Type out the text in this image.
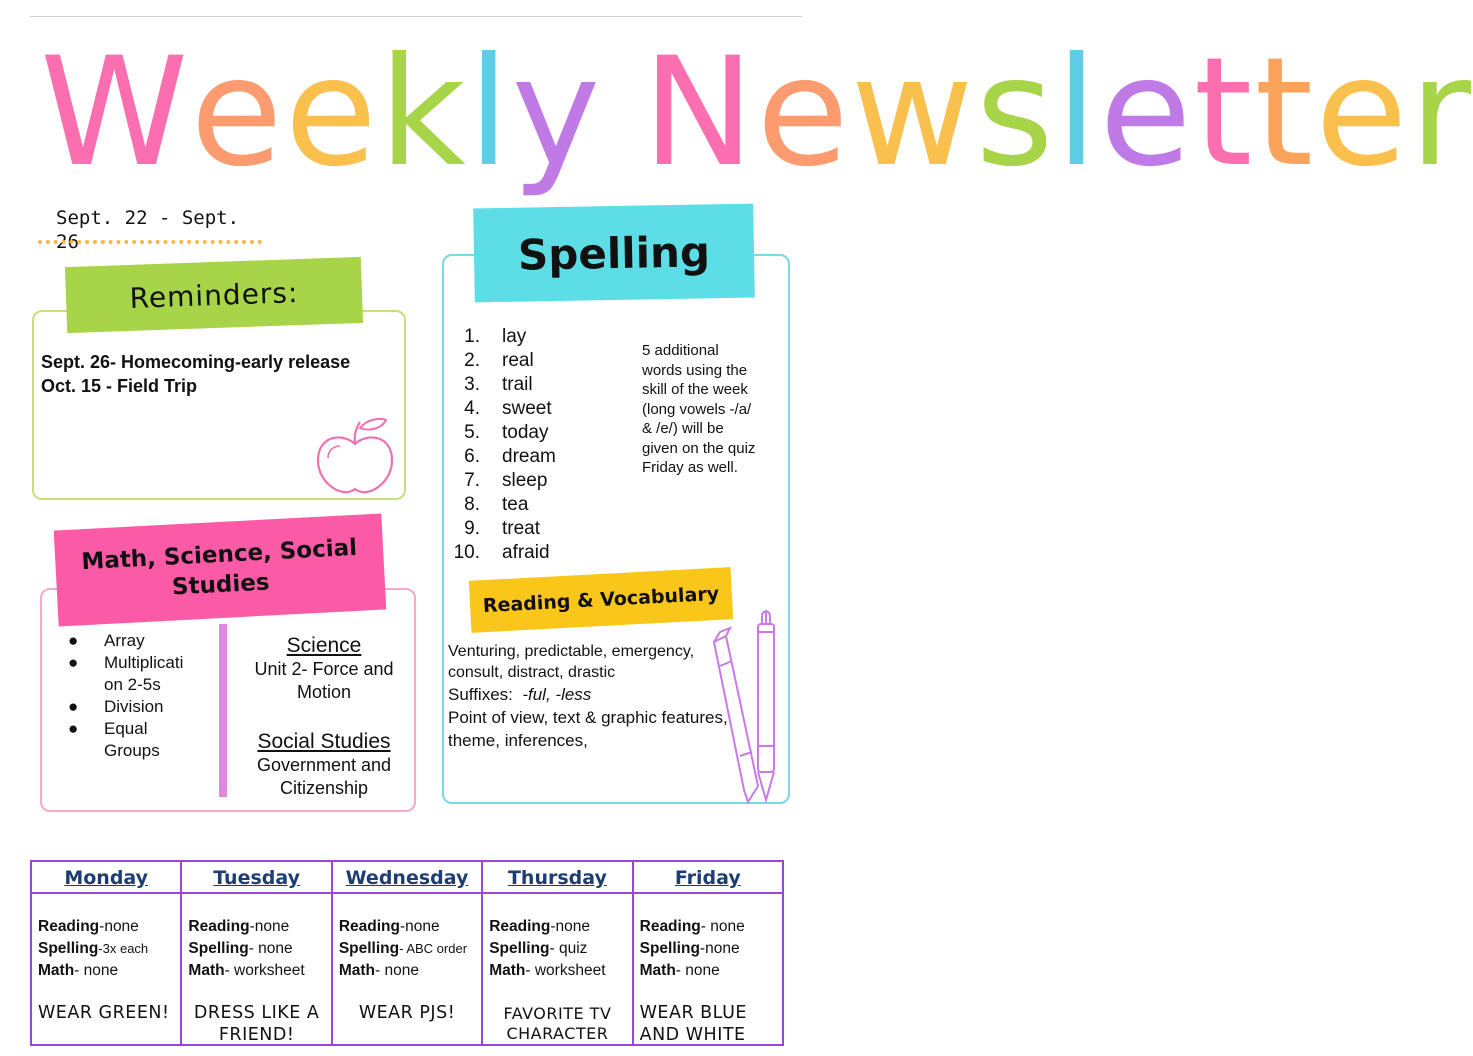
Weekly Newsletter
Sept. 22 - Sept. 26
Reminders:
Sept. 26- Homecoming-early release
Oct. 15 - Field Trip
Spelling
1. lay
2. real
3. trail
4. sweet
5. today
6. dream
7. sleep
8. tea
9. treat
10. afraid
5 additional words using the skill of the week (long vowels -/a/ & /e/) will be given on the quiz Friday as well.
Reading & Vocabulary
Venturing, predictable, emergency, consult, distract, drastic
Suffixes: -ful, -less
Point of view, text & graphic features, theme, inferences,
Math, Science, Social Studies
●	Array
●	Multiplicati on 2-5s
●	Division
●	Equal Groups
Science
Unit 2- Force and Motion
Social Studies
Government and Citizenship
Monday
Reading-none
Spelling-3x each
Math- none
WEAR GREEN!
Tuesday
Reading-none
Spelling- none
Math- worksheet
DRESS LIKE A FRIEND!
Wednesday
Reading-none
Spelling- ABC order
Math- none
WEAR PJS!
Thursday
Reading-none
Spelling- quiz
Math- worksheet
FAVORITE TV CHARACTER
Friday
Reading- none
Spelling-none
Math- none
WEAR BLUE AND WHITE
